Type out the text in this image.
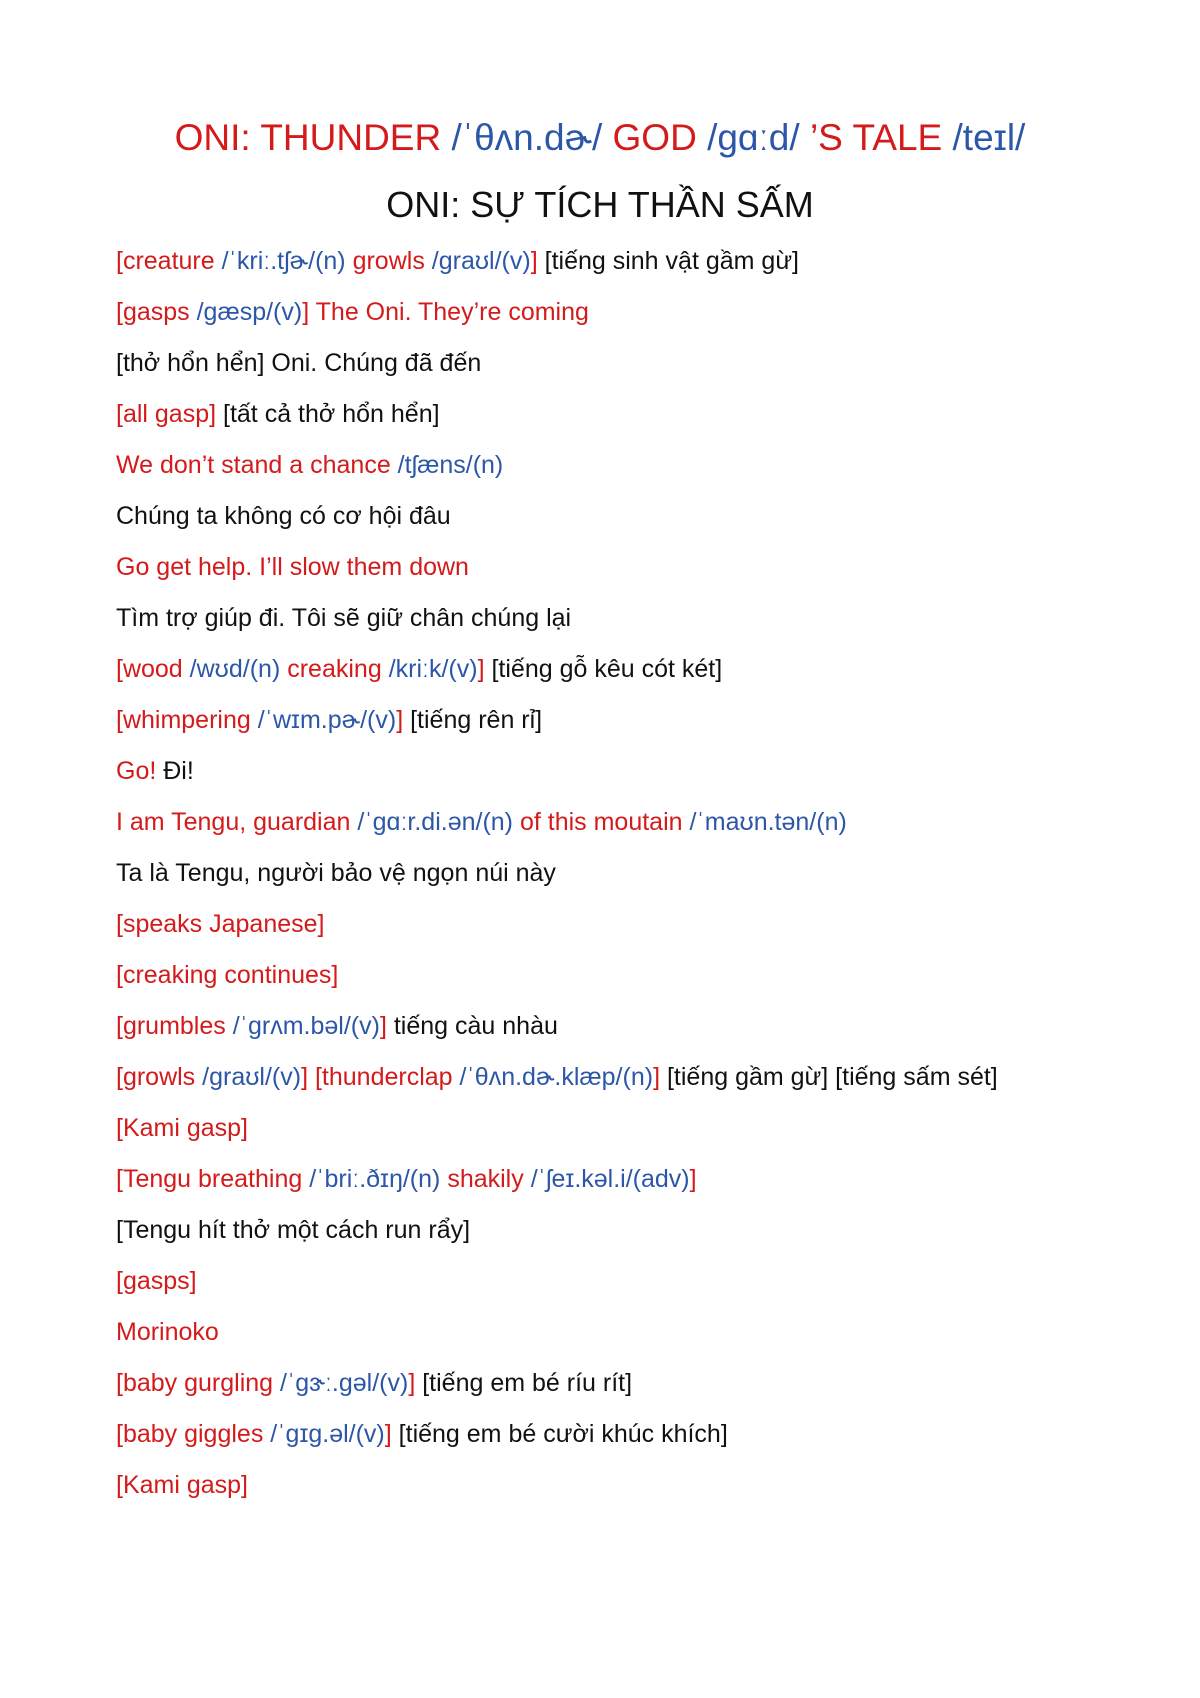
ONI: THUNDER /ˈθʌn.dɚ/ GOD /ɡɑːd/ ’S TALE /teɪl/
ONI: SỰ TÍCH THẦN SẤM
[creature /ˈkriː.tʃɚ/(n) growls /ɡraʊl/(v)] [tiếng sinh vật gầm gừ]
[gasps /ɡæsp/(v)] The Oni. They’re coming
[thở hổn hển] Oni. Chúng đã đến
[all gasp] [tất cả thở hổn hển]
We don’t stand a chance /tʃæns/(n)
Chúng ta không có cơ hội đâu
Go get help. I’ll slow them down
Tìm trợ giúp đi. Tôi sẽ giữ chân chúng lại
[wood /wʊd/(n) creaking /kriːk/(v)] [tiếng gỗ kêu cót két]
[whimpering /ˈwɪm.pɚ/(v)] [tiếng rên rỉ]
Go! Đi!
I am Tengu, guardian /ˈɡɑːr.di.ən/(n) of this moutain /ˈmaʊn.tən/(n)
Ta là Tengu, người bảo vệ ngọn núi này
[speaks Japanese]
[creaking continues]
[grumbles /ˈɡrʌm.bəl/(v)] tiếng càu nhàu
[growls /ɡraʊl/(v)] [thunderclap /ˈθʌn.dɚ.klæp/(n)] [tiếng gầm gừ] [tiếng sấm sét]
[Kami gasp]
[Tengu breathing /ˈbriː.ðɪŋ/(n) shakily /ˈʃeɪ.kəl.i/(adv)]
[Tengu hít thở một cách run rẩy]
[gasps]
Morinoko
[baby gurgling /ˈɡɝː.ɡəl/(v)] [tiếng em bé ríu rít]
[baby giggles /ˈɡɪɡ.əl/(v)] [tiếng em bé cười khúc khích]
[Kami gasp]
